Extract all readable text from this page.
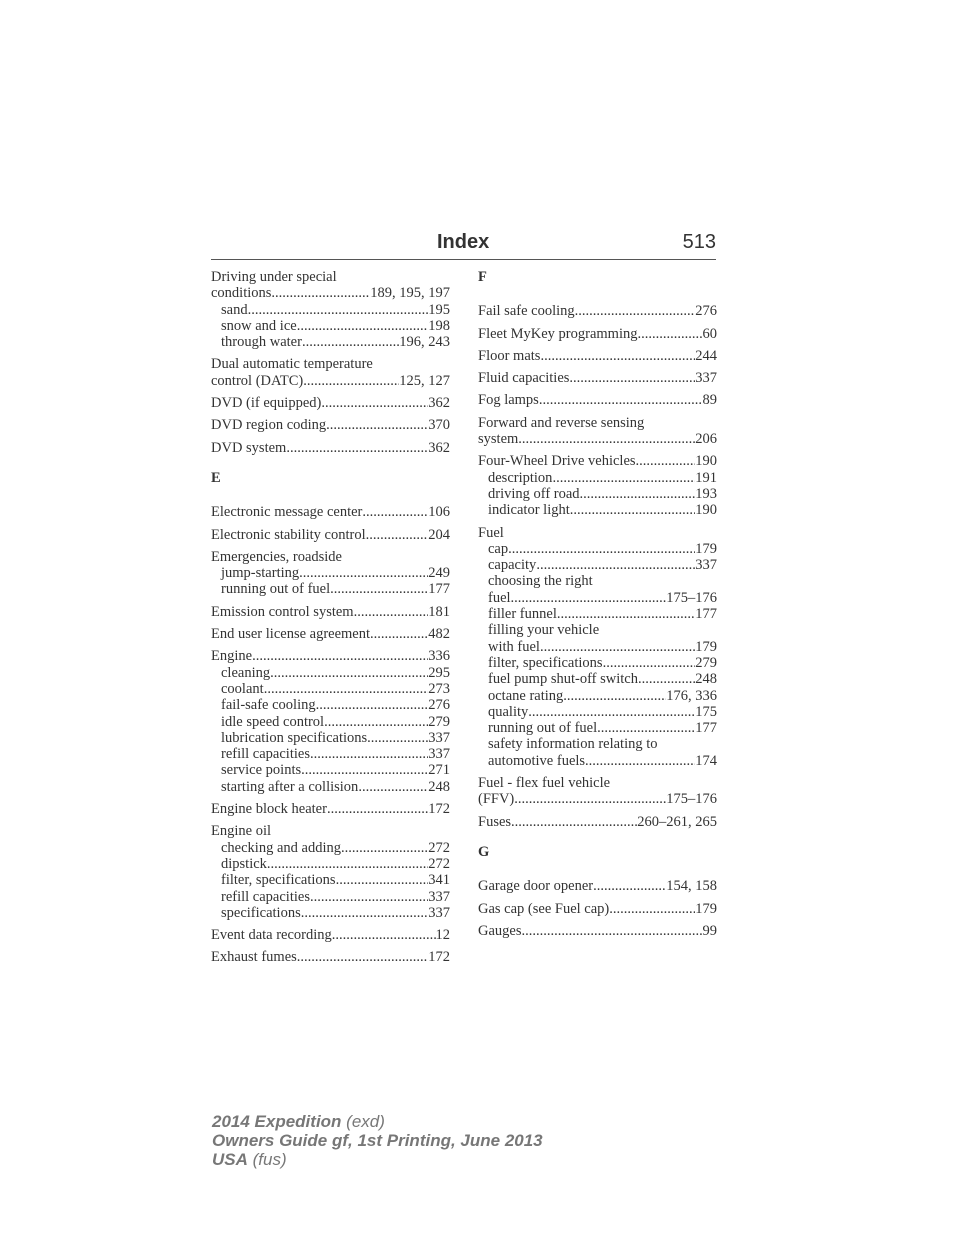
Index	513
Driving under special
conditions .....	189, 195, 197
sand .....	195
snow and ice .....	198
through water .....	196, 243
Dual automatic temperature
control (DATC) .....	125, 127
DVD (if equipped) .....	362
DVD region coding .....	370
DVD system .....	362
E
Electronic message center .....	106
Electronic stability control .....	204
Emergencies, roadside
jump-starting .....	249
running out of fuel .....	177
Emission control system .....	181
End user license agreement .....	482
Engine .....	336
cleaning .....	295
coolant .....	273
fail-safe cooling .....	276
idle speed control .....	279
lubrication specifications .....	337
refill capacities .....	337
service points .....	271
starting after a collision .....	248
Engine block heater .....	172
Engine oil
checking and adding .....	272
dipstick .....	272
filter, specifications .....	341
refill capacities .....	337
specifications .....	337
Event data recording .....	12
Exhaust fumes .....	172
F
Fail safe cooling .....	276
Fleet MyKey programming .....	60
Floor mats .....	244
Fluid capacities .....	337
Fog lamps .....	89
Forward and reverse sensing
system .....	206
Four-Wheel Drive vehicles .....	190
description .....	191
driving off road .....	193
indicator light .....	190
Fuel
cap .....	179
capacity .....	337
choosing the right
fuel .....	175–176
filler funnel .....	177
filling your vehicle
with fuel .....	179
filter, specifications .....	279
fuel pump shut-off switch .....	248
octane rating .....	176, 336
quality .....	175
running out of fuel .....	177
safety information relating to
automotive fuels .....	174
Fuel - flex fuel vehicle
(FFV) .....	175–176
Fuses .....	260–261, 265
G
Garage door opener .....	154, 158
Gas cap (see Fuel cap) .....	179
Gauges .....	99
2014 Expedition (exd)
Owners Guide gf, 1st Printing, June 2013
USA (fus)
